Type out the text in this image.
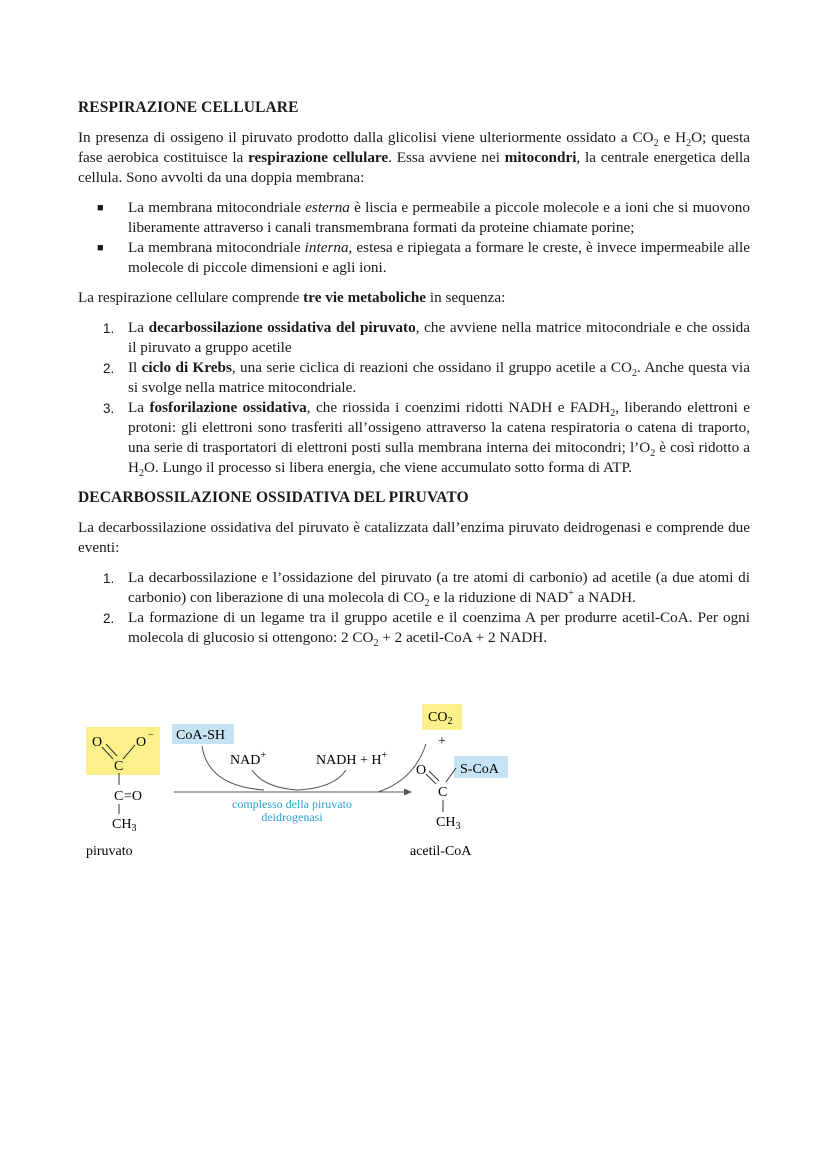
RESPIRAZIONE CELLULARE

In presenza di ossigeno il piruvato prodotto dalla glicolisi viene ulteriormente ossidato a $CO_2$ e $H_2O$; questa fase aerobica costituisce la respirazione cellulare. Essa avviene nei mitocondri, la centrale energetica della cellula. Sono avvolti da una doppia membrana:

■ La membrana mitocondriale esterna è liscia e permeabile a piccole molecole e a ioni che si muovono liberamente attraverso i canali transmembrana formati da proteine chiamate porine;
■ La membrana mitocondriale interna, estesa e ripiegata a formare le creste, è invece impermeabile alle molecole di piccole dimensioni e agli ioni.

La respirazione cellulare comprende tre vie metaboliche in sequenza:

1. La decarbossilazione ossidativa del piruvato, che avviene nella matrice mitocondriale e che ossida il piruvato a gruppo acetile
2. Il ciclo di Krebs, una serie ciclica di reazioni che ossidano il gruppo acetile a $CO_2$. Anche questa via si svolge nella matrice mitocondriale.
3. La fosforilazione ossidativa, che riossida i coenzimi ridotti NADH e $FADH_2$, liberando elettroni e protoni: gli elettroni sono trasferiti all’ossigeno attraverso la catena respiratoria o catena di traporto, una serie di trasportatori di elettroni posti sulla membrana interna dei mitocondri; $l’O_2$ è così ridotto a $H_2O$. Lungo il processo si libera energia, che viene accumulato sotto forma di ATP.
DECARBOSSILAZIONE OSSIDATIVA DEL PIRUVATO

La decarbossilazione ossidativa del piruvato è catalizzata dall’enzima piruvato deidrogenasi e comprende due eventi:

1. La decarbossilazione e l’ossidazione del piruvato (a tre atomi di carbonio) ad acetile (a due atomi di carbonio) con liberazione di una molecola di $CO_2$ e la riduzione di NAD+ a NADH.
2. La formazione di un legame tra il gruppo acetile e il coenzima A per produrre acetil-CoA. Per ogni molecola di glucosio si ottengono: 2 $CO_2 + 2$ acetil-CoA + 2 NADH.
O O −
C
C =O
$CH_3$
piruvato
CoA-SH
NAD+	NADH + H+
complesso della piruvato
deidrogenasi
$CO_2$
+
O S-CoA
C
$CH_3$
acetil-CoA
